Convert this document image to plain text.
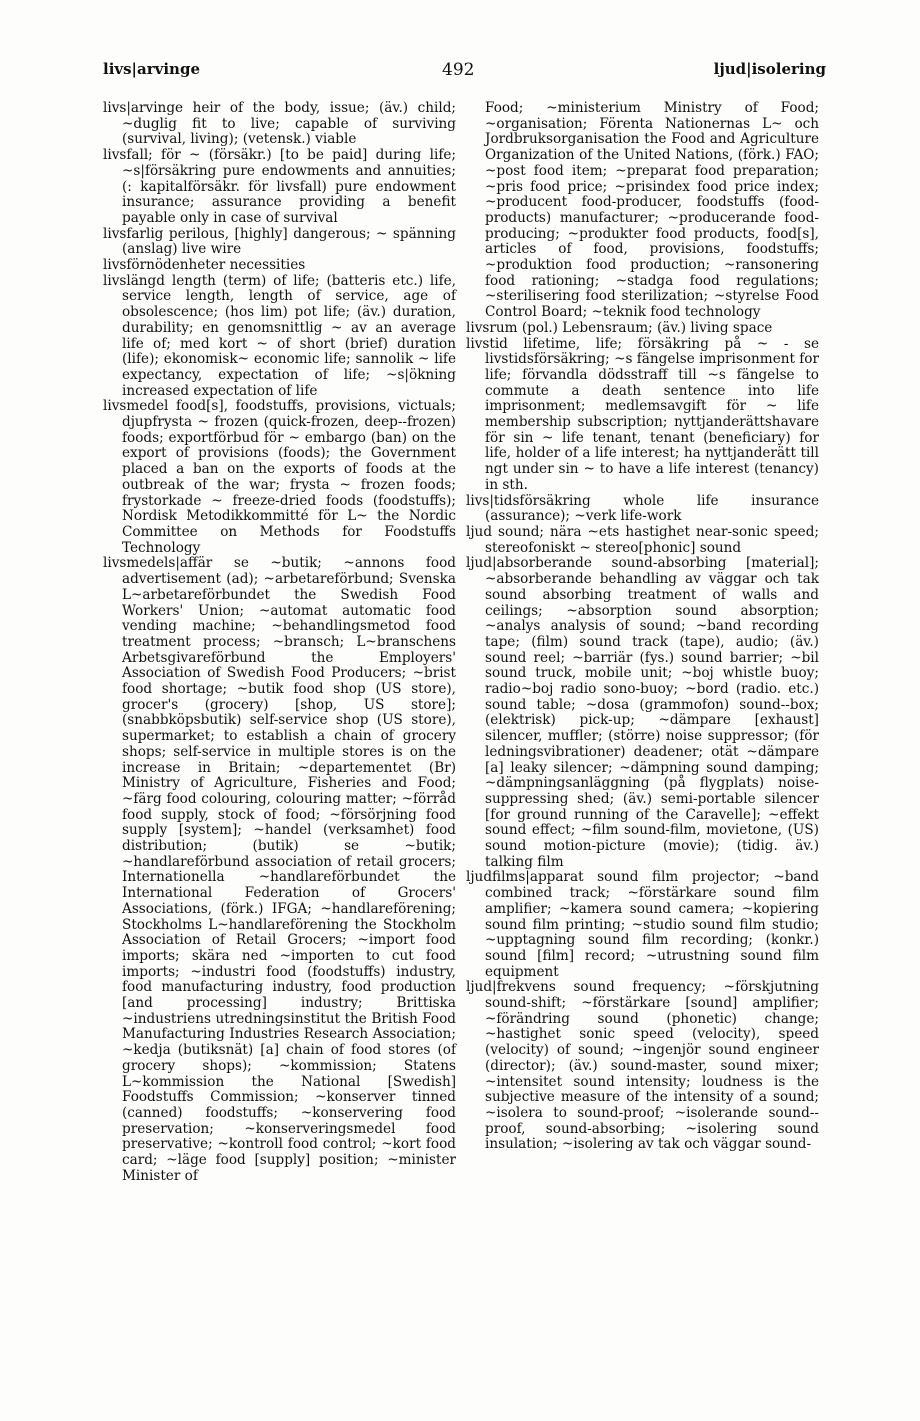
livs|arvinge	492	ljud|isolering

livs|arvinge heir of the body, issue; (äv.) child; ~duglig fit to live; capable of surviving (survival, living); (vetensk.) viable

livsfall; för ~ (försäkr.) [to be paid] during life; ~s|försäkring pure endowments and annuities; (: kapitalförsäkr. för livsfall) pure endowment insurance; assurance providing a benefit payable only in case of survival

livsfarlig perilous, [highly] dangerous; ~ spänning (anslag) live wire

livsförnödenheter necessities

livslängd length (term) of life; (batteris etc.) life, service length, length of service, age of obsolescence; (hos lim) pot life; (äv.) duration, durability; en genomsnittlig ~ av an average life of; med kort ~ of short (brief) duration (life); ekonomisk~ economic life; sannolik ~ life expectancy, expectation of life; ~s|ökning increased expectation of life

livsmedel food[s], foodstuffs, provisions, victuals; djupfrysta ~ frozen (quick-frozen, deep--frozen) foods; exportförbud för ~ embargo (ban) on the export of provisions (foods); the Government placed a ban on the exports of foods at the outbreak of the war; frysta ~ frozen foods; frystorkade ~ freeze-dried foods (foodstuffs); Nordisk Metodikkommitté för L~ the Nordic Committee on Methods for Foodstuffs Technology

livsmedels|affär se ~butik; ~annons food advertisement (ad); ~arbetareförbund; Svenska L~arbetareförbundet the Swedish Food Workers' Union; ~automat automatic food vending machine; ~behandlingsmetod food treatment process; ~bransch; L~branschens Arbetsgivareförbund the Employers' Association of Swedish Food Producers; ~brist food shortage; ~butik food shop (US store), grocer's (grocery) [shop, US store]; (snabbköpsbutik) self-service shop (US store), supermarket; to establish a chain of grocery shops; self-service in multiple stores is on the increase in Britain; ~departementet (Br) Ministry of Agriculture, Fisheries and Food; ~färg food colouring, colouring matter; ~förråd food supply, stock of food; ~försörjning food supply [system]; ~handel (verksamhet) food distribution; (butik) se ~butik; ~handlareförbund association of retail grocers; Internationella ~handlareförbundet the International Federation of Grocers' Associations, (förk.) IFGA; ~handlareförening; Stockholms L~handlareförening the Stockholm Association of Retail Grocers; ~import food imports; skära ned ~importen to cut food imports; ~industri food (foodstuffs) industry, food manufacturing industry, food production [and processing] industry; Brittiska ~industriens utredningsinstitut the British Food Manufacturing Industries Research Association; ~kedja (butiksnät) [a] chain of food stores (of grocery shops); ~kommission; Statens L~kommission the National [Swedish] Foodstuffs Commission; ~konserver tinned (canned) foodstuffs; ~konservering food preservation; ~konserveringsmedel food preservative; ~kontroll food control; ~kort food card; ~läge food [supply] position; ~minister Minister of

Food; ~ministerium Ministry of Food; ~organisation; Förenta Nationernas L~ och Jordbruksorganisation the Food and Agriculture Organization of the United Nations, (förk.) FAO; ~post food item; ~preparat food preparation; ~pris food price; ~prisindex food price index; ~producent food-producer, foodstuffs (food-products) manufacturer; ~producerande food-producing; ~produkter food products, food[s], articles of food, provisions, foodstuffs; ~produktion food production; ~ransonering food rationing; ~stadga food regulations; ~sterilisering food sterilization; ~styrelse Food Control Board; ~teknik food technology

livsrum (pol.) Lebensraum; (äv.) living space

livstid lifetime, life; försäkring på ~ - se livstidsförsäkring; ~s fängelse imprisonment for life; förvandla dödsstraff till ~s fängelse to commute a death sentence into life imprisonment; medlemsavgift för ~ life membership subscription; nyttjanderättshavare för sin ~ life tenant, tenant (beneficiary) for life, holder of a life interest; ha nyttjanderätt till ngt under sin ~ to have a life interest (tenancy) in sth.

livs|tidsförsäkring whole life insurance (assurance); ~verk life-work

ljud sound; nära ~ets hastighet near-sonic speed; stereofoniskt ~ stereo[phonic] sound

ljud|absorberande sound-absorbing [material]; ~absorberande behandling av väggar och tak sound absorbing treatment of walls and ceilings; ~absorption sound absorption; ~analys analysis of sound; ~band recording tape; (film) sound track (tape), audio; (äv.) sound reel; ~barriär (fys.) sound barrier; ~bil sound truck, mobile unit; ~boj whistle buoy; radio~boj radio sono-buoy; ~bord (radio. etc.) sound table; ~dosa (grammofon) sound--box; (elektrisk) pick-up; ~dämpare [exhaust] silencer, muffler; (större) noise suppressor; (för ledningsvibrationer) deadener; otät ~dämpare [a] leaky silencer; ~dämpning sound damping; ~dämpningsanläggning (på flygplats) noise-suppressing shed; (äv.) semi-portable silencer [for ground running of the Caravelle]; ~effekt sound effect; ~film sound-film, movietone, (US) sound motion-picture (movie); (tidig. äv.) talking film

ljudfilms|apparat sound film projector; ~band combined track; ~förstärkare sound film amplifier; ~kamera sound camera; ~kopiering sound film printing; ~studio sound film studio; ~upptagning sound film recording; (konkr.) sound [film] record; ~utrustning sound film equipment

ljud|frekvens sound frequency; ~förskjutning sound-shift; ~förstärkare [sound] amplifier; ~förändring sound (phonetic) change; ~hastighet sonic speed (velocity), speed (velocity) of sound; ~ingenjör sound engineer (director); (äv.) sound-master, sound mixer; ~intensitet sound intensity; loudness is the subjective measure of the intensity of a sound; ~isolera to sound-proof; ~isolerande sound--proof, sound-absorbing; ~isolering sound insulation; ~isolering av tak och väggar sound-
